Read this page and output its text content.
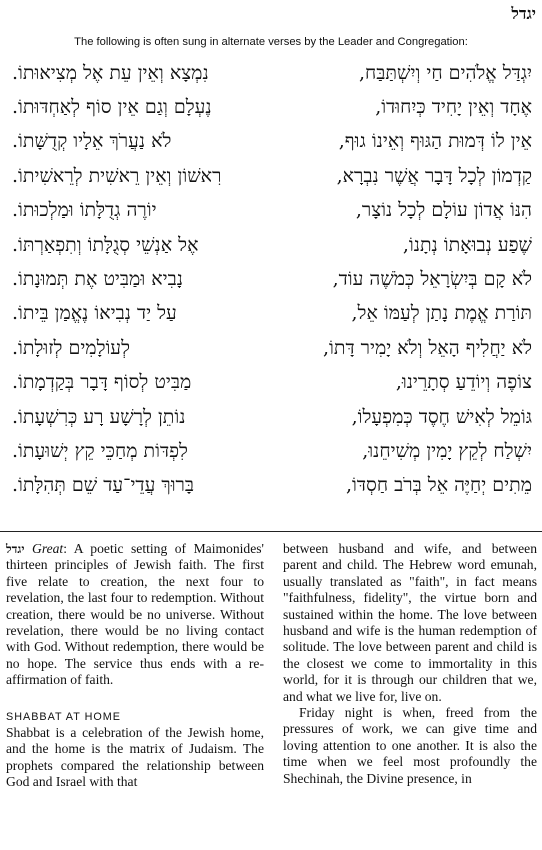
יגדל
The following is often sung in alternate verses by the Leader and Congregation:
יִגְדַּל אֱלֹהִים חַי וְיִשְׁתַּבַּח,
נִמְצָא וְאֵין עֵת אֶל מְצִיאוּתוֹ.
אֶחָד וְאֵין יָחִיד כְּיִחוּדוֹ,
נֶעְלָם וְגַם אֵין סוֹף לְאַחְדּוּתוֹ.
אֵין לוֹ דְּמוּת הַגּוּף וְאֵינוֹ גוּף,
לֹא נַעֲרֹךְ אֵלָיו קְדֻשָּׁתוֹ.
קַדְמוֹן לְכָל דָּבָר אֲשֶׁר נִבְרָא,
רִאשׁוֹן וְאֵין רֵאשִׁית לְרֵאשִׁיתוֹ.
הִנּוֹ אֲדוֹן עוֹלָם לְכָל נוֹצָר,
יוֹרֶה גְדֻלָּתוֹ וּמַלְכוּתוֹ.
שֶׁפַע נְבוּאָתוֹ נְתָנוֹ,
אֶל אַנְשֵׁי סְגֻלָּתוֹ וְתִפְאַרְתּוֹ.
לֹא קָם בְּיִשְׂרָאֵל כְּמֹשֶׁה עוֹד,
נָבִיא וּמַבִּיט אֶת תְּמוּנָתוֹ.
תּוֹרַת אֱמֶת נָתַן לְעַמּוֹ אֵל,
עַל יַד נְבִיאוֹ נֶאֱמַן בֵּיתוֹ.
לֹא יַחֲלִיף הָאֵל וְלֹא יָמִיר דָּתוֹ,
לְעוֹלָמִים לְזוּלָתוֹ.
צוֹפֶה וְיוֹדֵעַ סְתָרֵינוּ,
מַבִּיט לְסוֹף דָּבָר בְּקַדְמָתוֹ.
גּוֹמֵל לְאִישׁ חֶסֶד כְּמִפְעָלוֹ,
נוֹתֵן לְרָשָׁע רָע כְּרִשְׁעָתוֹ.
יִשְׁלַח לְקֵץ יָמִין מְשִׁיחֵנוּ,
לִפְדּוֹת מְחַכֵּי קֵץ יְשׁוּעָתוֹ.
מֵתִים יְחַיֶּה אֵל בְּרֹב חַסְדּוֹ,
בָּרוּךְ עֲדֵי־עַד שֵׁם תְּהִלָּתוֹ.

יגדל Great: A poetic setting of Maimonides' thirteen principles of Jewish faith. The first five relate to creation, the next four to revelation, the last four to redemption. Without creation, there would be no universe. Without revelation, there would be no living contact with God. Without redemption, there would be no hope. The service thus ends with a re-affirmation of faith.

SHABBAT AT HOME

Shabbat is a celebration of the Jewish home, and the home is the matrix of Judaism. The prophets compared the relationship between God and Israel with that

between husband and wife, and between parent and child. The Hebrew word emunah, usually translated as "faith", in fact means "faithfulness, fidelity", the virtue born and sustained within the home. The love between husband and wife is the human redemption of solitude. The love between parent and child is the closest we come to immortality in this world, for it is through our children that we, and what we live for, live on.

Friday night is when, freed from the pressures of work, we can give time and loving attention to one another. It is also the time when we feel most profoundly the Shechinah, the Divine presence, in
